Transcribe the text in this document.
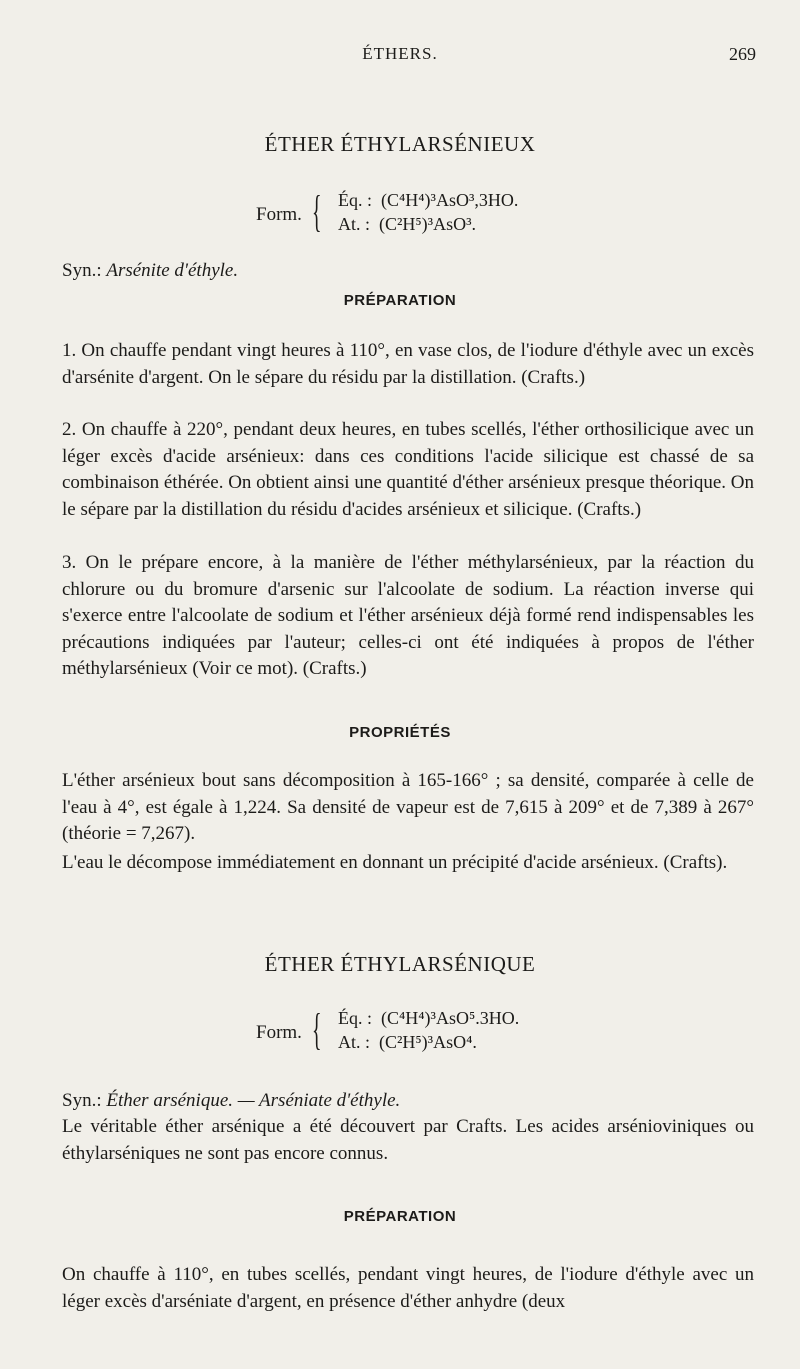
ÉTHERS.	269
ÉTHER ÉTHYLARSÉNIEUX
Form. { Éq. : (C⁴H⁴)³AsO³,3HO.
At. : (C²H⁵)³AsO³.
Syn.: Arsénite d'éthyle.
PRÉPARATION
1. On chauffe pendant vingt heures à 110°, en vase clos, de l'iodure d'éthyle avec un excès d'arsénite d'argent. On le sépare du résidu par la distillation. (Crafts.)
2. On chauffe à 220°, pendant deux heures, en tubes scellés, l'éther orthosilicique avec un léger excès d'acide arsénieux: dans ces conditions l'acide silicique est chassé de sa combinaison éthérée. On obtient ainsi une quantité d'éther arsénieux presque théorique. On le sépare par la distillation du résidu d'acides arsénieux et silicique. (Crafts.)
3. On le prépare encore, à la manière de l'éther méthylarsénieux, par la réaction du chlorure ou du bromure d'arsenic sur l'alcoolate de sodium. La réaction inverse qui s'exerce entre l'alcoolate de sodium et l'éther arsénieux déjà formé rend indispensables les précautions indiquées par l'auteur; celles-ci ont été indiquées à propos de l'éther méthylarsénieux (Voir ce mot). (Crafts.)
PROPRIÉTÉS
L'éther arsénieux bout sans décomposition à 165-166° ; sa densité, comparée à celle de l'eau à 4°, est égale à 1,224. Sa densité de vapeur est de 7,615 à 209° et de 7,389 à 267° (théorie = 7,267).
L'eau le décompose immédiatement en donnant un précipité d'acide arsénieux. (Crafts).
ÉTHER ÉTHYLARSÉNIQUE
Form. { Éq. : (C⁴H⁴)³AsO⁵.3HO.
At. : (C²H⁵)³AsO⁴.
Syn.: Éther arsénique. — Arséniate d'éthyle.
Le véritable éther arsénique a été découvert par Crafts. Les acides arsénioviniques ou éthylarséniques ne sont pas encore connus.
PRÉPARATION
On chauffe à 110°, en tubes scellés, pendant vingt heures, de l'iodure d'éthyle avec un léger excès d'arséniate d'argent, en présence d'éther anhydre (deux
